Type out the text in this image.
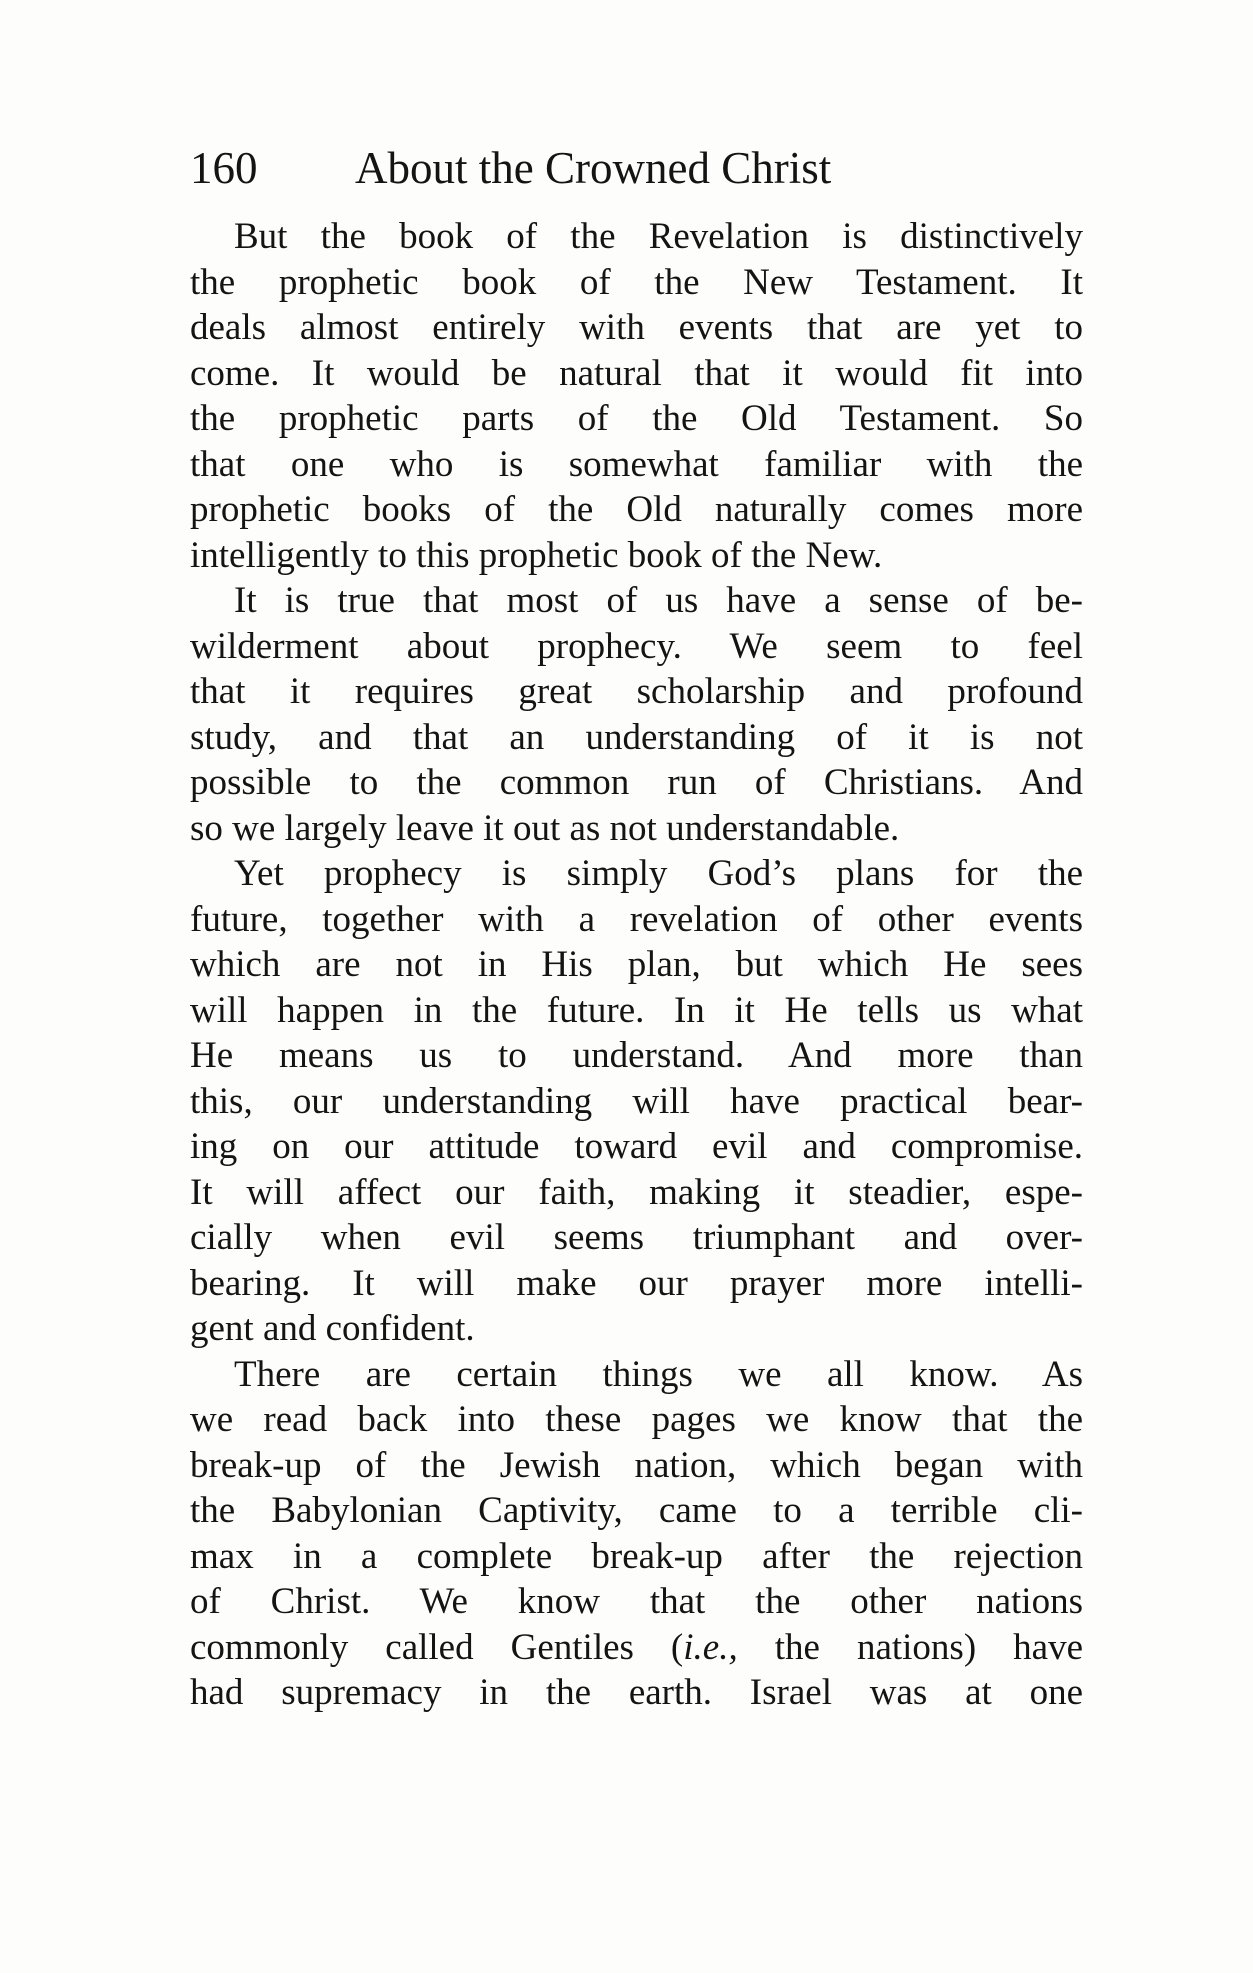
160 About the Crowned Christ
But the book of the Revelation is distinctively
the prophetic book of the New Testament. It
deals almost entirely with events that are yet to
come. It would be natural that it would fit into
the prophetic parts of the Old Testament. So
that one who is somewhat familiar with the
prophetic books of the Old naturally comes more
intelligently to this prophetic book of the New.
It is true that most of us have a sense of be-
wilderment about prophecy. We seem to feel
that it requires great scholarship and profound
study, and that an understanding of it is not
possible to the common run of Christians. And
so we largely leave it out as not understandable.
Yet prophecy is simply God’s plans for the
future, together with a revelation of other events
which are not in His plan, but which He sees
will happen in the future. In it He tells us what
He means us to understand. And more than
this, our understanding will have practical bear-
ing on our attitude toward evil and compromise.
It will affect our faith, making it steadier, espe-
cially when evil seems triumphant and over-
bearing. It will make our prayer more intelli-
gent and confident.
There are certain things we all know. As
we read back into these pages we know that the
break-up of the Jewish nation, which began with
the Babylonian Captivity, came to a terrible cli-
max in a complete break-up after the rejection
of Christ. We know that the other nations
commonly called Gentiles (i.e., the nations) have
had supremacy in the earth. Israel was at one
